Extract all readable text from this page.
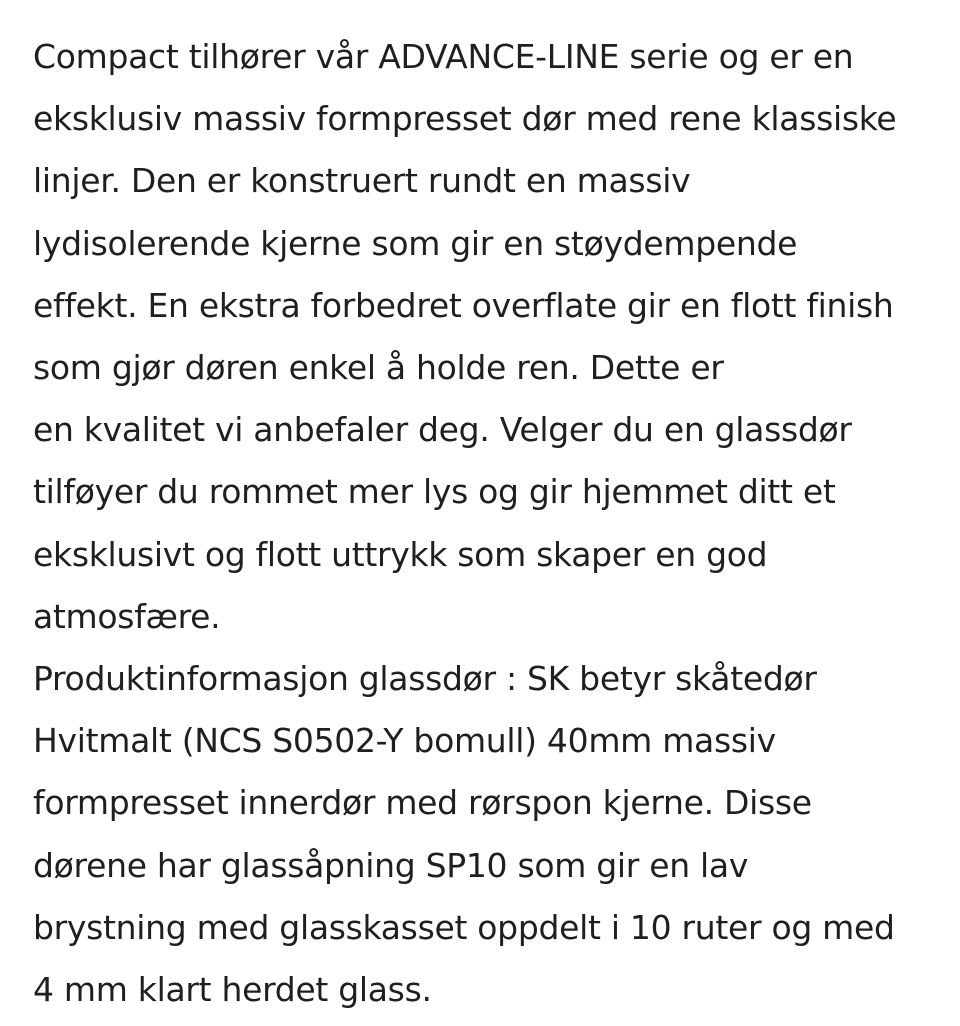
Compact tilhører vår ADVANCE-LINE serie og er en
eksklusiv massiv formpresset dør med rene klassiske
linjer. Den er konstruert rundt en massiv
lydisolerende kjerne som gir en støydempende
effekt. En ekstra forbedret overflate gir en flott finish
som gjør døren enkel å holde ren. Dette er
en kvalitet vi anbefaler deg. Velger du en glassdør
tilføyer du rommet mer lys og gir hjemmet ditt et
eksklusivt og flott uttrykk som skaper en god
atmosfære.
Produktinformasjon glassdør : SK betyr skåtedør
Hvitmalt (NCS S0502-Y bomull) 40mm massiv
formpresset innerdør med rørspon kjerne. Disse
dørene har glassåpning SP10 som gir en lav
brystning med glasskasset oppdelt i 10 ruter og med
4 mm klart herdet glass.
